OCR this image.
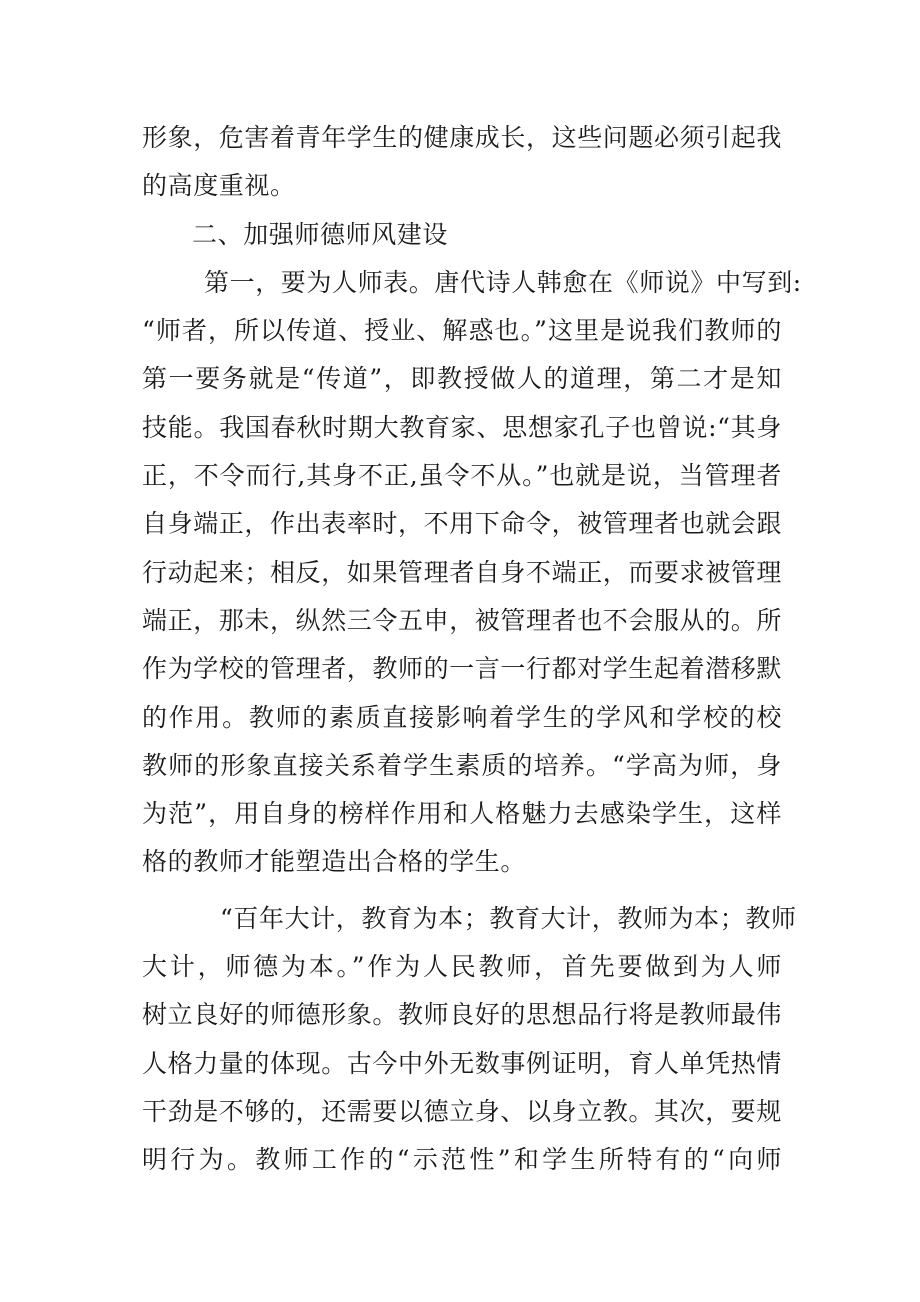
形象，危害着青年学生的健康成长，这些问题必须引起我
的高度重视。
二、加强师德师风建设
第一，要为人师表。唐代诗人韩愈在《师说》中写到:
“师者，所以传道、授业、解惑也。”这里是说我们教师的
第一要务就是“传道”，即教授做人的道理，第二才是知
技能。我国春秋时期大教育家、思想家孔子也曾说:“其身
正，不令而行,其身不正,虽令不从。”也就是说，当管理者
自身端正，作出表率时，不用下命令，被管理者也就会跟
行动起来；相反，如果管理者自身不端正，而要求被管理
端正，那未，纵然三令五申，被管理者也不会服从的。所
作为学校的管理者，教师的一言一行都对学生起着潜移默
的作用。教师的素质直接影响着学生的学风和学校的校
教师的形象直接关系着学生素质的培养。“学高为师，身
为范”，用自身的榜样作用和人格魅力去感染学生，这样
格的教师才能塑造出合格的学生。
“百年大计，教育为本；教育大计，教师为本；教师
大计，师德为本。”作为人民教师，首先要做到为人师
树立良好的师德形象。教师良好的思想品行将是教师最伟
人格力量的体现。古今中外无数事例证明，育人单凭热情
干劲是不够的，还需要以德立身、以身立教。其次，要规
明行为。教师工作的“示范性”和学生所特有的“向师
